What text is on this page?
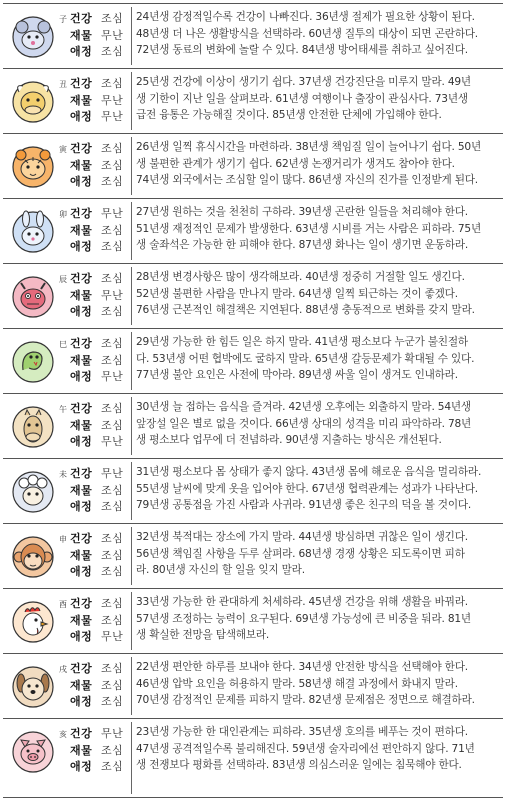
子 건강 조심
재물 무난
애정 조심
24년생 감정적일수록 건강이 나빠진다. 36년생 절제가 필요한 상황이 된다.
48년생 더 나은 생활방식을 선택하라. 60년생 질투의 대상이 되면 곤란하다.
72년생 동료의 변화에 놀랄 수 있다. 84년생 방어태세를 취하고 싶어진다.
丑 건강 조심
재물 무난
애정 무난
25년생 건강에 이상이 생기기 쉽다. 37년생 건강진단을 미루지 말라. 49년
생 기한이 지난 일을 살펴보라. 61년생 여행이나 출장이 관심사다. 73년생
급전 융통은 가능해질 것이다. 85년생 안전한 단체에 가입해야 한다.
寅 건강 조심
재물 조심
애정 조심
26년생 일찍 휴식시간을 마련하라. 38년생 책임질 일이 늘어나기 쉽다. 50년
생 불편한 관계가 생기기 쉽다. 62년생 논쟁거리가 생겨도 참아야 한다.
74년생 외국에서는 조심할 일이 많다. 86년생 자신의 진가를 인정받게 된다.
卯 건강 무난
재물 조심
애정 조심
27년생 원하는 것을 천천히 구하라. 39년생 곤란한 일들을 처리해야 한다.
51년생 재정적인 문제가 발생한다. 63년생 시비를 거는 사람은 피하라. 75년
생 술좌석은 가능한 한 피해야 한다. 87년생 화나는 일이 생기면 운동하라.
辰 건강 조심
재물 무난
애정 조심
28년생 변경사항은 많이 생각해보라. 40년생 정중히 거절할 일도 생긴다.
52년생 불편한 사람을 만나지 말라. 64년생 일찍 퇴근하는 것이 좋겠다.
76년생 근본적인 해결책은 지연된다. 88년생 충동적으로 변화를 갖지 말라.
巳 건강 조심
재물 조심
애정 무난
29년생 가능한 한 힘든 일은 하지 말라. 41년생 평소보다 누군가 불친절하
다. 53년생 어떤 협박에도 굴하지 말라. 65년생 갈등문제가 확대될 수 있다.
77년생 불안 요인은 사전에 막아라. 89년생 싸울 일이 생겨도 인내하라.
午 건강 조심
재물 조심
애정 무난
30년생 늘 접하는 음식을 즐겨라. 42년생 오후에는 외출하지 말라. 54년생
앞장설 일은 별로 없을 것이다. 66년생 상대의 성격을 미리 파악하라. 78년
생 평소보다 업무에 더 전념하라. 90년생 지출하는 방식은 개선된다.
未 건강 무난
재물 조심
애정 조심
31년생 평소보다 몸 상태가 좋지 않다. 43년생 몸에 해로운 음식을 멀리하라.
55년생 날씨에 맞게 옷을 입어야 한다. 67년생 협력관계는 성과가 나타난다.
79년생 공통점을 가진 사람과 사귀라. 91년생 좋은 친구의 덕을 볼 것이다.
申 건강 조심
재물 조심
애정 조심
32년생 북적대는 장소에 가지 말라. 44년생 방심하면 귀찮은 일이 생긴다.
56년생 책임질 사항을 두루 살펴라. 68년생 경쟁 상황은 되도록이면 피하
라. 80년생 자신의 할 일을 잊지 말라.
酉 건강 조심
재물 조심
애정 무난
33년생 가능한 한 관대하게 처세하라. 45년생 건강을 위해 생활을 바꿔라.
57년생 조정하는 능력이 요구된다. 69년생 가능성에 큰 비중을 둬라. 81년
생 확실한 전망을 탐색해보라.
戌 건강 조심
재물 조심
애정 조심
22년생 편안한 하루를 보내야 한다. 34년생 안전한 방식을 선택해야 한다.
46년생 압박 요인을 허용하지 말라. 58년생 해결 과정에서 화내지 말라.
70년생 감정적인 문제를 피하지 말라. 82년생 문제점은 정면으로 해결하라.
亥 건강 무난
재물 조심
애정 조심
23년생 가능한 한 대인관계는 피하라. 35년생 호의를 베푸는 것이 편하다.
47년생 공격적일수록 불리해진다. 59년생 술자리에선 편안하지 않다. 71년
생 전쟁보다 평화를 선택하라. 83년생 의심스러운 일에는 침묵해야 한다.
